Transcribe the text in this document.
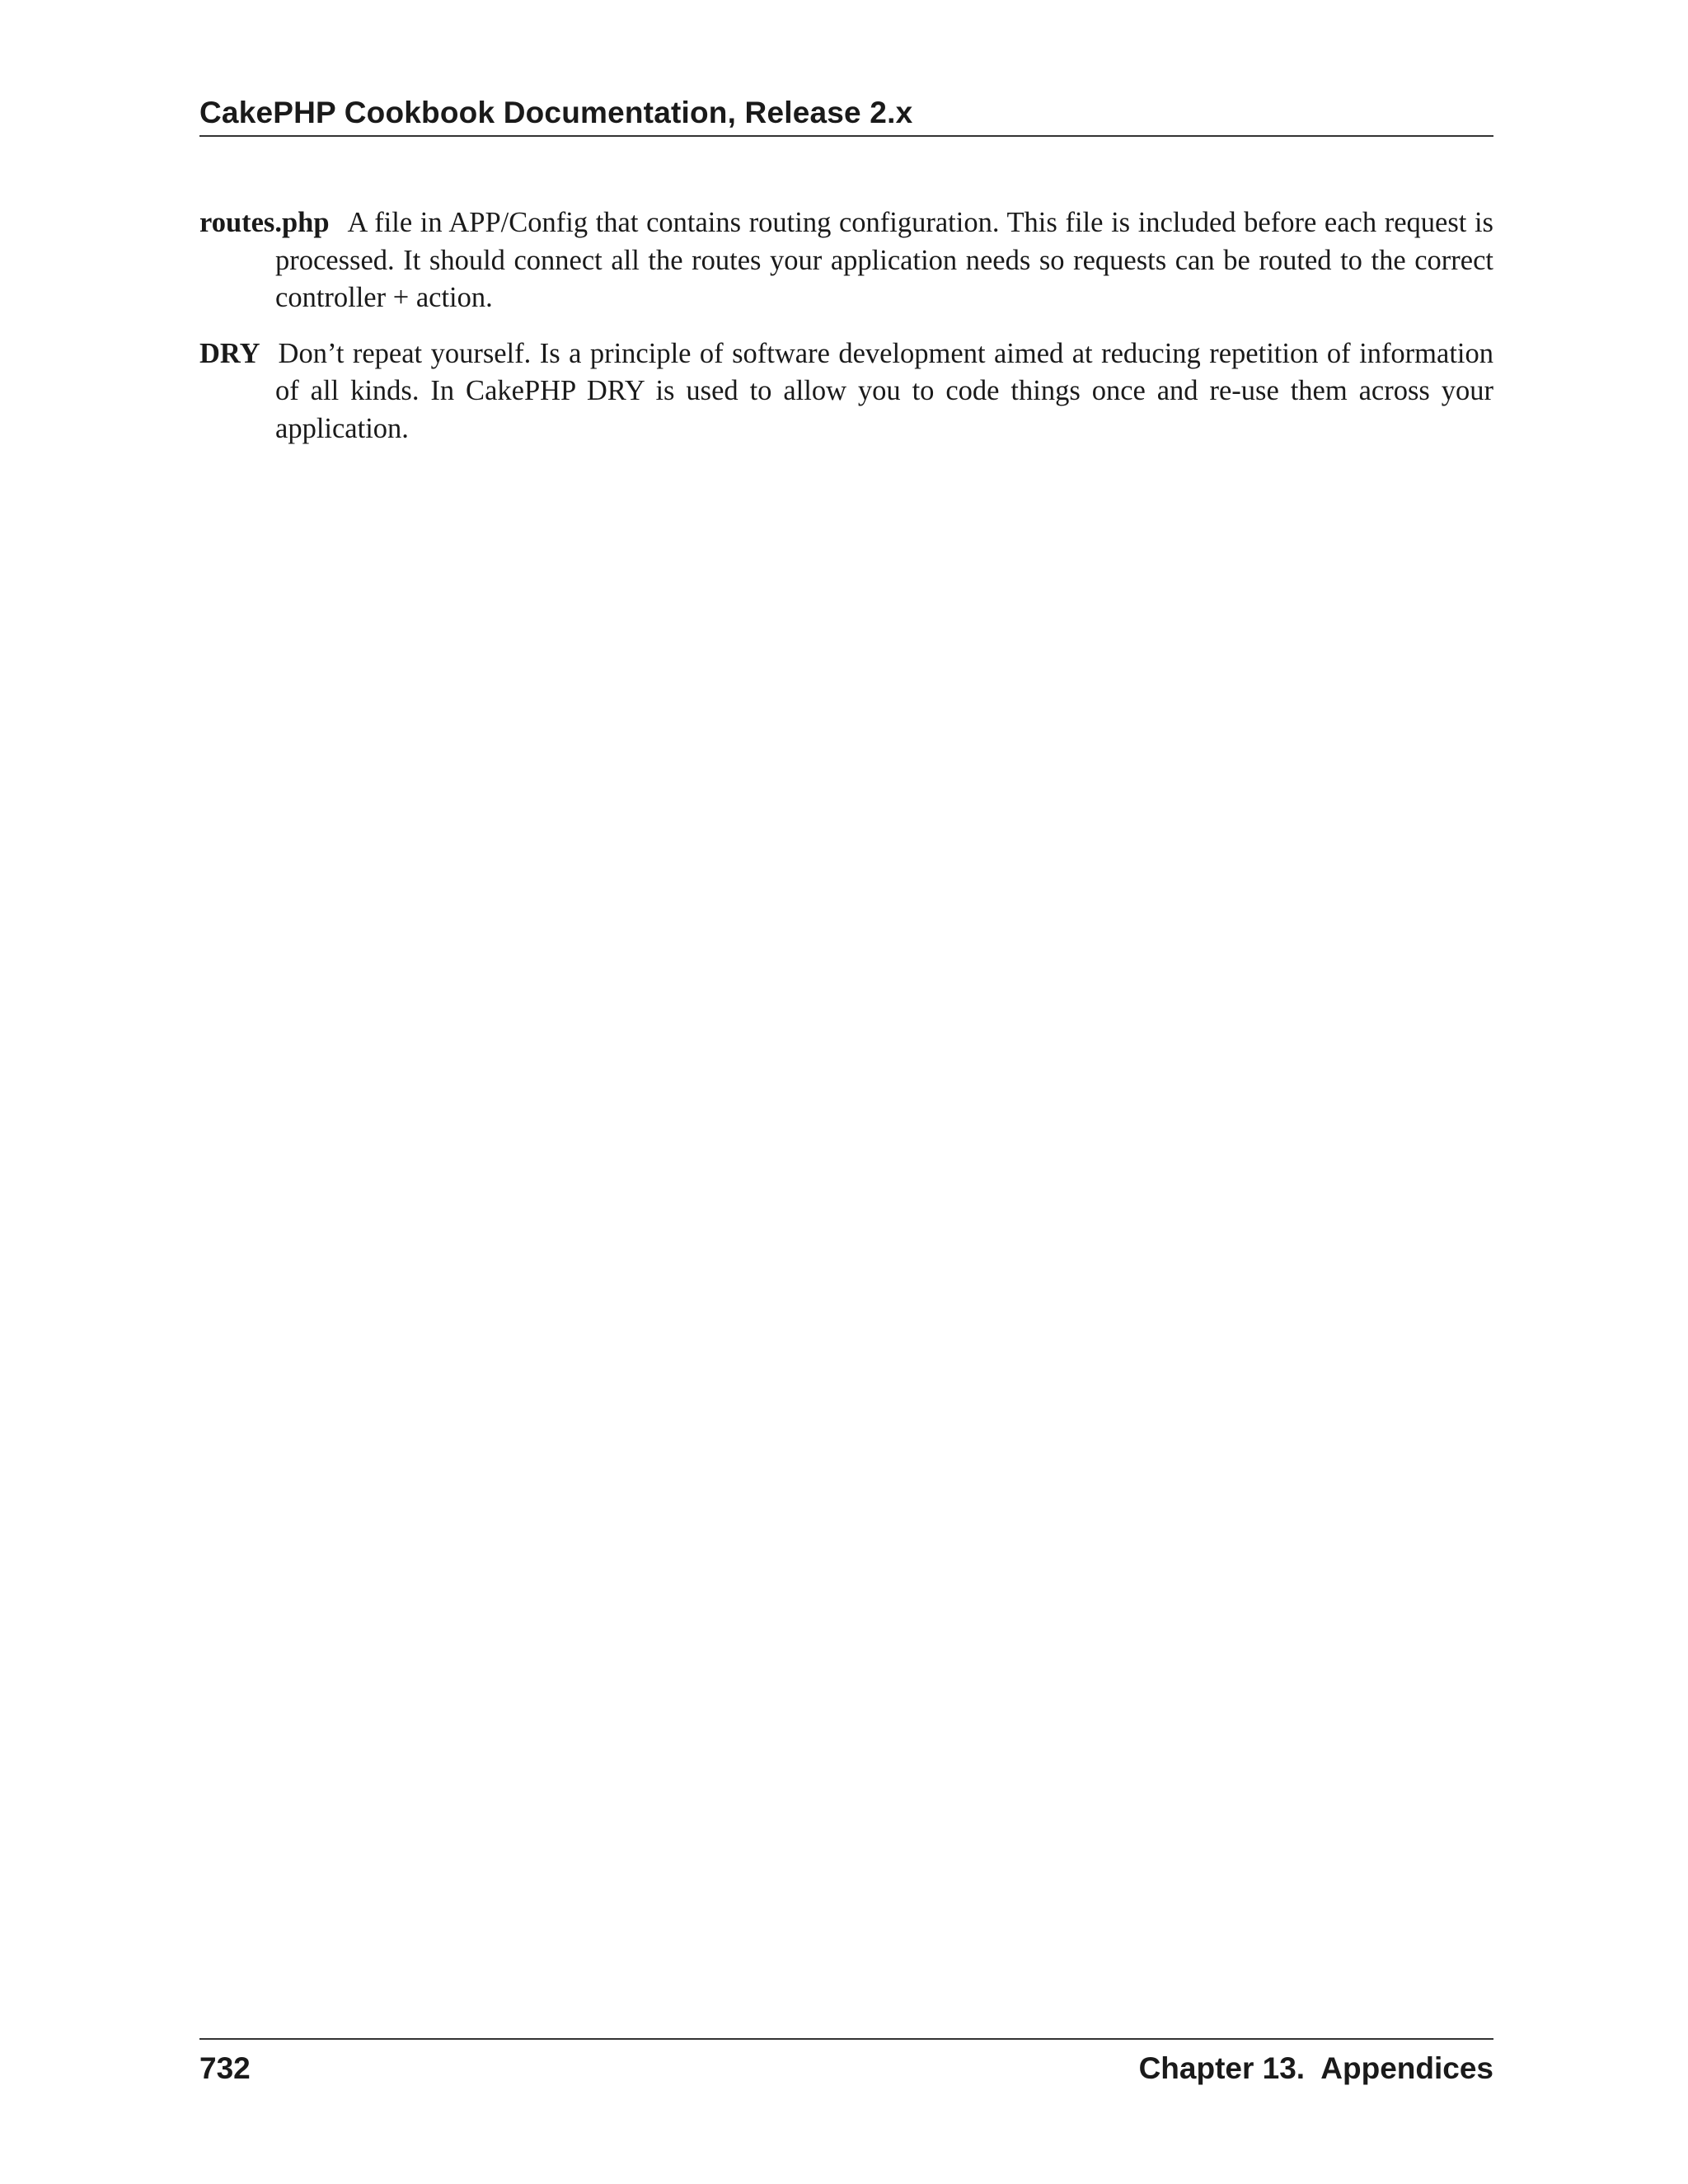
CakePHP Cookbook Documentation, Release 2.x

routes.php A file in APP/Config that contains routing configuration. This file is included before each request is processed. It should connect all the routes your application needs so requests can be routed to the correct controller + action.

DRY Don’t repeat yourself. Is a principle of software development aimed at reducing repetition of information of all kinds. In CakePHP DRY is used to allow you to code things once and re-use them across your application.

732	Chapter 13.  Appendices
